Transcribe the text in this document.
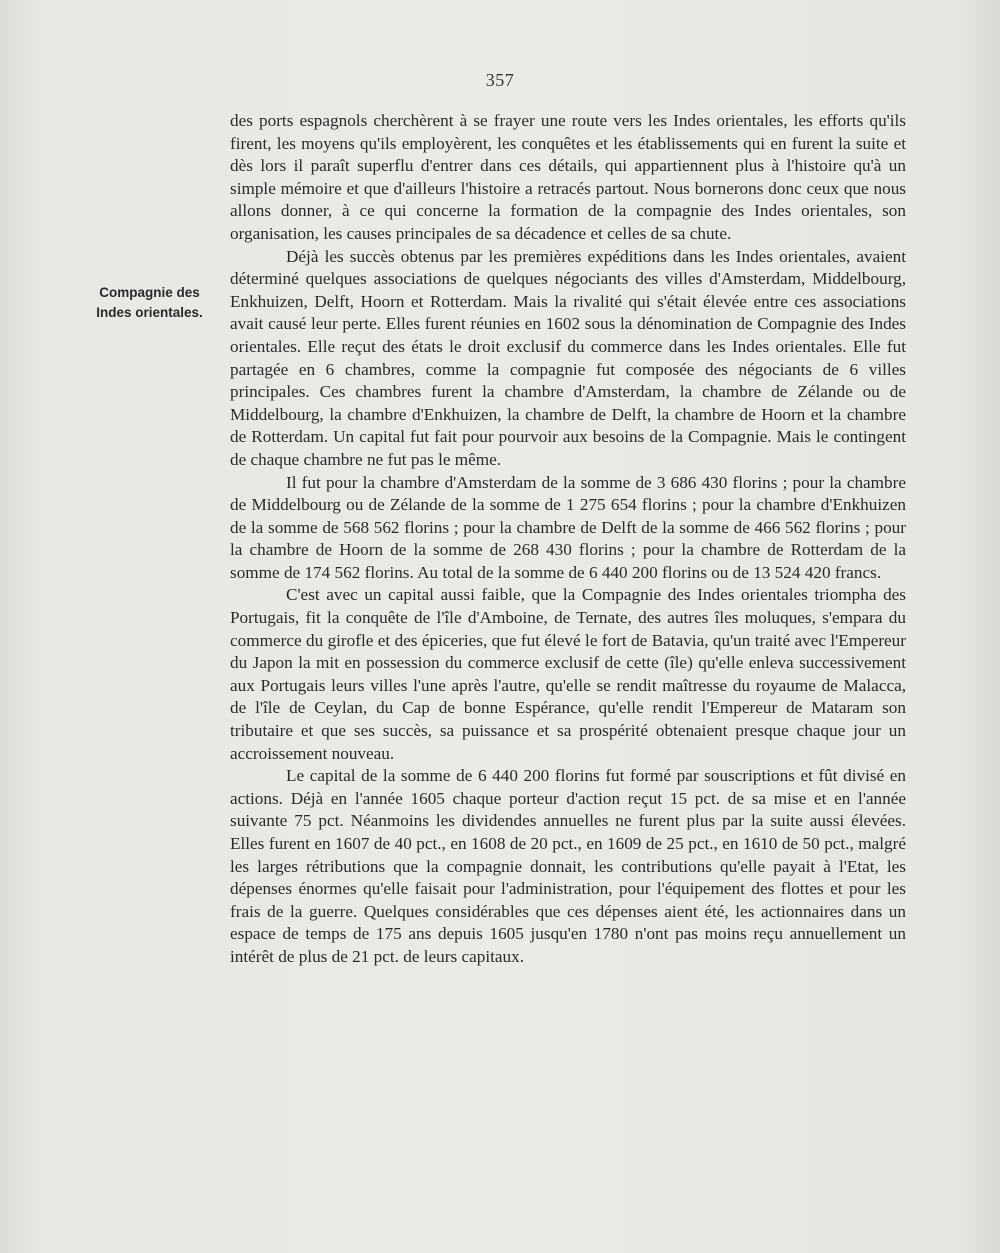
357
Compagnie des
Indes orientales.

des ports espagnols cherchèrent à se frayer une route vers les Indes orientales, les efforts qu'ils firent, les moyens qu'ils employèrent, les conquêtes et les établissements qui en furent la suite et dès lors il paraît superflu d'entrer dans ces détails, qui appartiennent plus à l'histoire qu'à un simple mémoire et que d'ailleurs l'histoire a retracés partout. Nous bornerons donc ceux que nous allons donner, à ce qui concerne la formation de la compagnie des Indes orientales, son organisation, les causes principales de sa décadence et celles de sa chute.

Déjà les succès obtenus par les premières expéditions dans les Indes orientales, avaient déterminé quelques associations de quelques négociants des villes d'Amsterdam, Middelbourg, Enkhuizen, Delft, Hoorn et Rotterdam. Mais la rivalité qui s'était élevée entre ces associations avait causé leur perte. Elles furent réunies en 1602 sous la dénomination de Compagnie des Indes orientales. Elle reçut des états le droit exclusif du commerce dans les Indes orientales. Elle fut partagée en 6 chambres, comme la compagnie fut composée des négociants de 6 villes principales. Ces chambres furent la chambre d'Amsterdam, la chambre de Zélande ou de Middelbourg, la chambre d'Enkhuizen, la chambre de Delft, la chambre de Hoorn et la chambre de Rotterdam. Un capital fut fait pour pourvoir aux besoins de la Compagnie. Mais le contingent de chaque chambre ne fut pas le même.

Il fut pour la chambre d'Amsterdam de la somme de 3 686 430 florins ; pour la chambre de Middelbourg ou de Zélande de la somme de 1 275 654 florins ; pour la chambre d'Enkhuizen de la somme de 568 562 florins ; pour la chambre de Delft de la somme de 466 562 florins ; pour la chambre de Hoorn de la somme de 268 430 florins ; pour la chambre de Rotterdam de la somme de 174 562 florins. Au total de la somme de 6 440 200 florins ou de 13 524 420 francs.

C'est avec un capital aussi faible, que la Compagnie des Indes orientales triompha des Portugais, fit la conquête de l'île d'Amboine, de Ternate, des autres îles moluques, s'empara du commerce du girofle et des épiceries, que fut élevé le fort de Batavia, qu'un traité avec l'Empereur du Japon la mit en possession du commerce exclusif de cette (île) qu'elle enleva successivement aux Portugais leurs villes l'une après l'autre, qu'elle se rendit maîtresse du royaume de Malacca, de l'île de Ceylan, du Cap de bonne Espérance, qu'elle rendit l'Empereur de Mataram son tributaire et que ses succès, sa puissance et sa prospérité obtenaient presque chaque jour un accroissement nouveau.

Le capital de la somme de 6 440 200 florins fut formé par souscriptions et fût divisé en actions. Déjà en l'année 1605 chaque porteur d'action reçut 15 pct. de sa mise et en l'année suivante 75 pct. Néanmoins les dividendes annuelles ne furent plus par la suite aussi élevées. Elles furent en 1607 de 40 pct., en 1608 de 20 pct., en 1609 de 25 pct., en 1610 de 50 pct., malgré les larges rétributions que la compagnie donnait, les contributions qu'elle payait à l'Etat, les dépenses énormes qu'elle faisait pour l'administration, pour l'équipement des flottes et pour les frais de la guerre. Quelques considérables que ces dépenses aient été, les actionnaires dans un espace de temps de 175 ans depuis 1605 jusqu'en 1780 n'ont pas moins reçu annuellement un intérêt de plus de 21 pct. de leurs capitaux.
